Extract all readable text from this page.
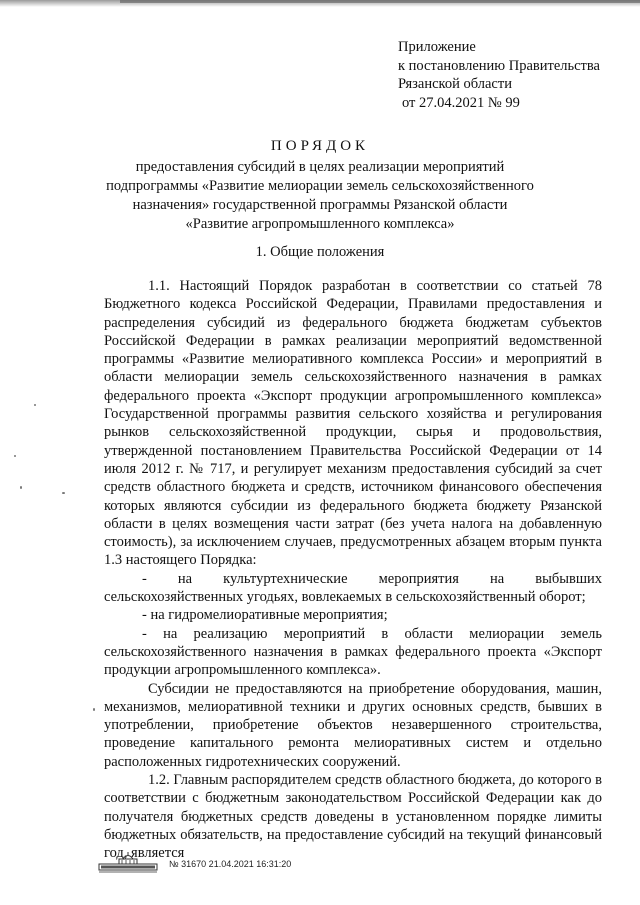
Приложение
к постановлению Правительства
Рязанской области
от 27.04.2021 № 99
ПОРЯДОК
предоставления субсидий в целях реализации мероприятий подпрограммы «Развитие мелиорации земель сельскохозяйственного назначения» государственной программы Рязанской области «Развитие агропромышленного комплекса»
1. Общие положения

1.1. Настоящий Порядок разработан в соответствии со статьей 78 Бюджетного кодекса Российской Федерации, Правилами предоставления и распределения субсидий из федерального бюджета бюджетам субъектов Российской Федерации в рамках реализации мероприятий ведомственной программы «Развитие мелиоративного комплекса России» и мероприятий в области мелиорации земель сельскохозяйственного назначения в рамках федерального проекта «Экспорт продукции агропромышленного комплекса» Государственной программы развития сельского хозяйства и регулирования рынков сельскохозяйственной продукции, сырья и продовольствия, утвержденной постановлением Правительства Российской Федерации от 14 июля 2012 г. № 717, и регулирует механизм предоставления субсидий за счет средств областного бюджета и средств, источником финансового обеспечения которых являются субсидии из федерального бюджета бюджету Рязанской области в целях возмещения части затрат (без учета налога на добавленную стоимость), за исключением случаев, предусмотренных абзацем вторым пункта 1.3 настоящего Порядка:

- на культуртехнические мероприятия на выбывших сельскохозяйственных угодьях, вовлекаемых в сельскохозяйственный оборот;

- на гидромелиоративные мероприятия;

- на реализацию мероприятий в области мелиорации земель сельскохозяйственного назначения в рамках федерального проекта «Экспорт продукции агропромышленного комплекса».

Субсидии не предоставляются на приобретение оборудования, машин, механизмов, мелиоративной техники и других основных средств, бывших в употреблении, приобретение объектов незавершенного строительства, проведение капитального ремонта мелиоративных систем и отдельно расположенных гидротехнических сооружений.

1.2. Главным распорядителем средств областного бюджета, до которого в соответствии с бюджетным законодательством Российской Федерации как до получателя бюджетных средств доведены в установленном порядке лимиты бюджетных обязательств, на предоставление субсидий на текущий финансовый год, является

№ 31670 21.04.2021 16:31:20
